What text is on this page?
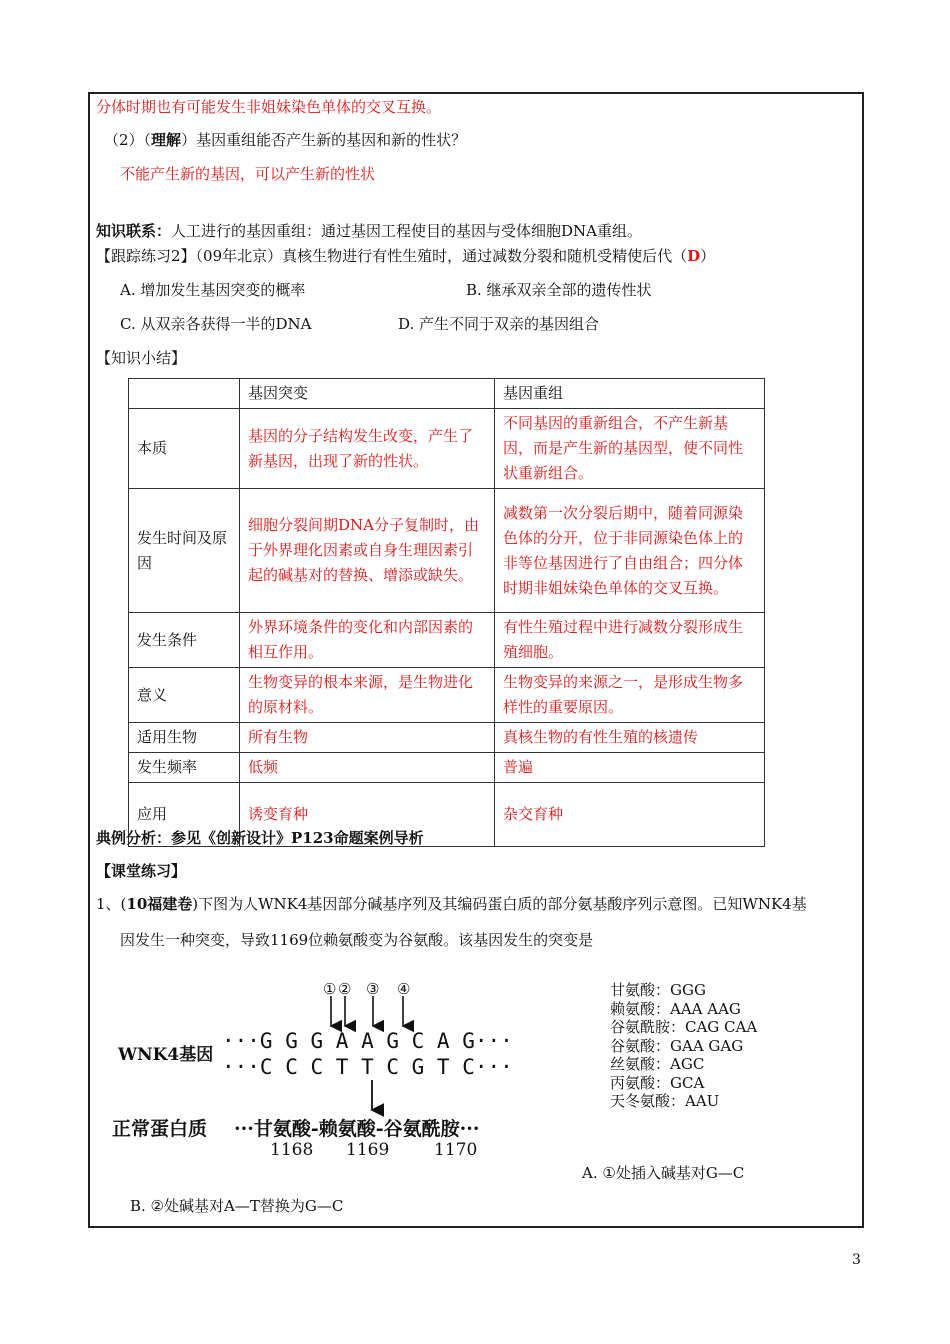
分体时期也有可能发生非姐妹染色单体的交叉互换。
（2）（理解）基因重组能否产生新的基因和新的性状？
不能产生新的基因，可以产生新的性状
知识联系：人工进行的基因重组：通过基因工程使目的基因与受体细胞DNA重组。
【跟踪练习2】（09年北京）真核生物进行有性生殖时，通过减数分裂和随机受精使后代（D）
A. 增加发生基因突变的概率	B. 继承双亲全部的遗传性状
C. 从双亲各获得一半的DNA	D. 产生不同于双亲的基因组合
【知识小结】
	基因突变	基因重组
本质	基因的分子结构发生改变，产生了新基因，出现了新的性状。	不同基因的重新组合，不产生新基因，而是产生新的基因型，使不同性状重新组合。
发生时间及原因	细胞分裂间期DNA分子复制时，由于外界理化因素或自身生理因素引起的碱基对的替换、增添或缺失。	减数第一次分裂后期中，随着同源染色体的分开，位于非同源染色体上的非等位基因进行了自由组合；四分体时期非姐妹染色单体的交叉互换。
发生条件	外界环境条件的变化和内部因素的相互作用。	有性生殖过程中进行减数分裂形成生殖细胞。
意义	生物变异的根本来源，是生物进化的原材料。	生物变异的来源之一，是形成生物多样性的重要原因。
适用生物	所有生物	真核生物的有性生殖的核遗传
发生频率	低频	普遍
应用	诱变育种	杂交育种
典例分析：参见《创新设计》P123命题案例导析
【课堂练习】
1、(10福建卷)下图为人WNK4基因部分碱基序列及其编码蛋白质的部分氨基酸序列示意图。已知WNK4基
因发生一种突变，导致1169位赖氨酸变为谷氨酸。该基因发生的突变是
① ② ③ ④
WNK4基因
···G G G A A G C A G···
···C C C T T C G T C···
正常蛋白质 ···甘氨酸-赖氨酸-谷氨酰胺···
1168 1169	1170
甘氨酸：GGG
赖氨酸：AAA AAG
谷氨酰胺：CAG CAA
谷氨酸：GAA GAG
丝氨酸：AGC
丙氨酸：GCA
天冬氨酸：AAU
A. ①处插入碱基对G—C
B. ②处碱基对A—T替换为G—C
3
